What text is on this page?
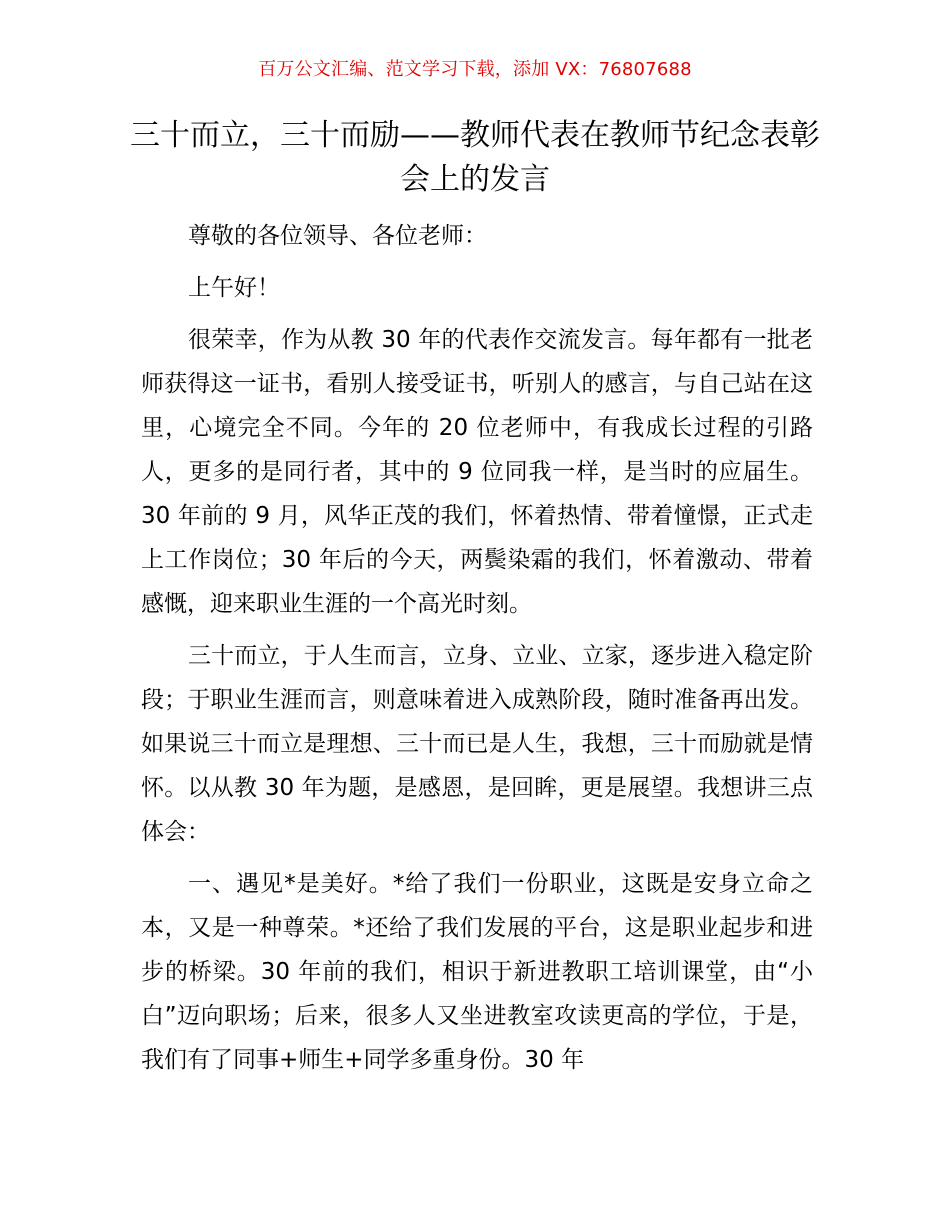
百万公文汇编、范文学习下载，添加 VX：76807688
三十而立，三十而励——教师代表在教师节纪念表彰会上的发言

尊敬的各位领导、各位老师：

上午好！

很荣幸，作为从教 30 年的代表作交流发言。每年都有一批老师获得这一证书，看别人接受证书，听别人的感言，与自己站在这里，心境完全不同。今年的 20 位老师中，有我成长过程的引路人，更多的是同行者，其中的 9 位同我一样，是当时的应届生。30 年前的 9 月，风华正茂的我们，怀着热情、带着憧憬，正式走上工作岗位；30 年后的今天，两鬓染霜的我们，怀着激动、带着感慨，迎来职业生涯的一个高光时刻。

三十而立，于人生而言，立身、立业、立家，逐步进入稳定阶段；于职业生涯而言，则意味着进入成熟阶段，随时准备再出发。如果说三十而立是理想、三十而已是人生，我想，三十而励就是情怀。以从教 30 年为题，是感恩，是回眸，更是展望。我想讲三点体会：

一、遇见*是美好。*给了我们一份职业，这既是安身立命之本，又是一种尊荣。*还给了我们发展的平台，这是职业起步和进步的桥梁。30 年前的我们，相识于新进教职工培训课堂，由“小白”迈向职场；后来，很多人又坐进教室攻读更高的学位，于是，我们有了同事+师生+同学多重身份。30 年
